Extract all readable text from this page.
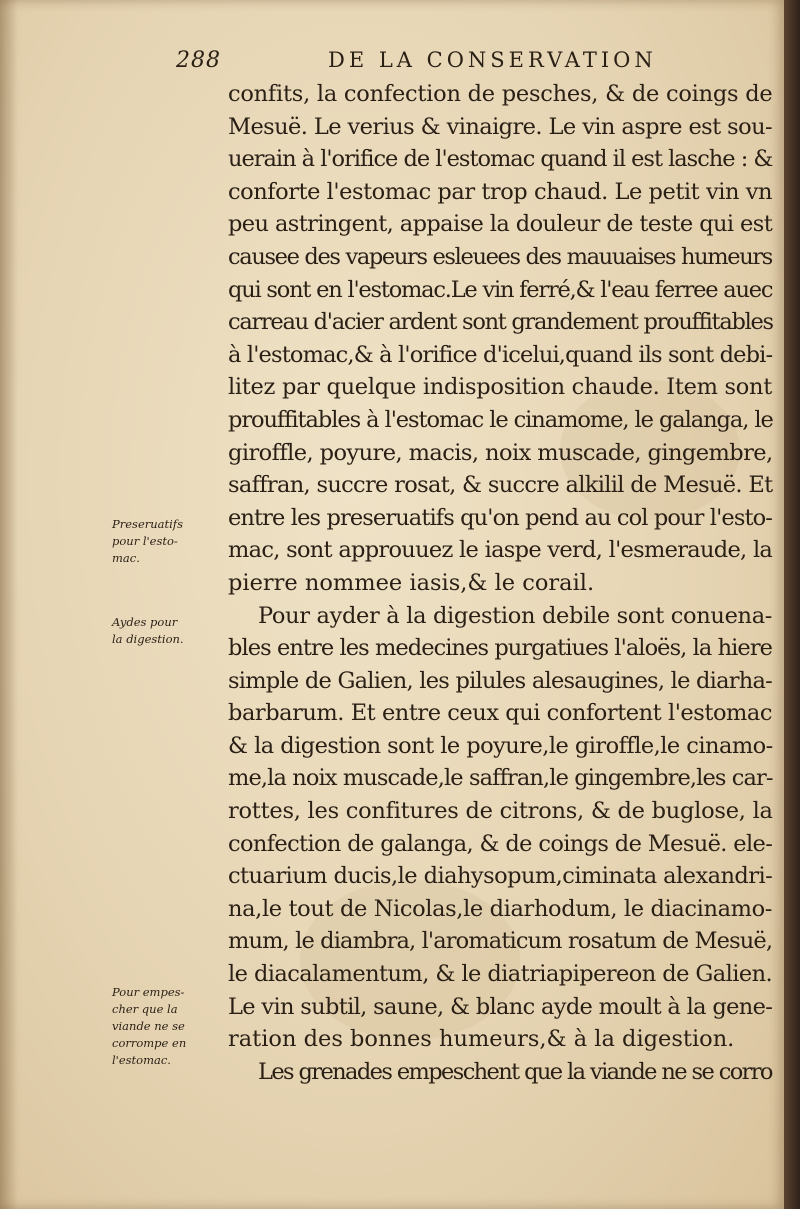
288	DE LA CONSERVATION
confits, la confection de pesches, & de coings de
Mesuë. Le verius & vinaigre. Le vin aspre est sou-
uerain à l'orifice de l'estomac quand il est lasche : &
conforte l'estomac par trop chaud. Le petit vin vn
peu astringent, appaise la douleur de teste qui est
causee des vapeurs esleuees des mauuaises humeurs
qui sont en l'estomac.Le vin ferré,& l'eau ferree auec
carreau d'acier ardent sont grandement prouffitables
à l'estomac,& à l'orifice d'icelui,quand ils sont debi-
litez par quelque indisposition chaude. Item sont
prouffitables à l'estomac le cinamome, le galanga, le
giroffle, poyure, macis, noix muscade, gingembre,
saffran, succre rosat, & succre alkilil de Mesuë. Et
entre les preseruatifs qu'on pend au col pour l'esto-
mac, sont approuuez le iaspe verd, l'esmeraude, la
pierre nommee iasis,& le corail.
Pour ayder à la digestion debile sont conuena-
bles entre les medecines purgatiues l'aloës, la hiere
simple de Galien, les pilules alesaugines, le diarha-
barbarum. Et entre ceux qui confortent l'estomac
& la digestion sont le poyure,le giroffle,le cinamo-
me,la noix muscade,le saffran,le gingembre,les car-
rottes, les confitures de citrons, & de buglose, la
confection de galanga, & de coings de Mesuë. ele-
ctuarium ducis,le diahysopum,ciminata alexandri-
na,le tout de Nicolas,le diarhodum, le diacinamo-
mum, le diambra, l'aromaticum rosatum de Mesuë,
le diacalamentum, & le diatriapipereon de Galien.
Le vin subtil, saune, & blanc ayde moult à la gene-
ration des bonnes humeurs,& à la digestion.
Les grenades empeschent que la viande ne se corro
Preseruatifs
pour l'esto-
mac.
Aydes pour
la digestion.
Pour empes-
cher que la
viande ne se
corrompe en
l'estomac.
